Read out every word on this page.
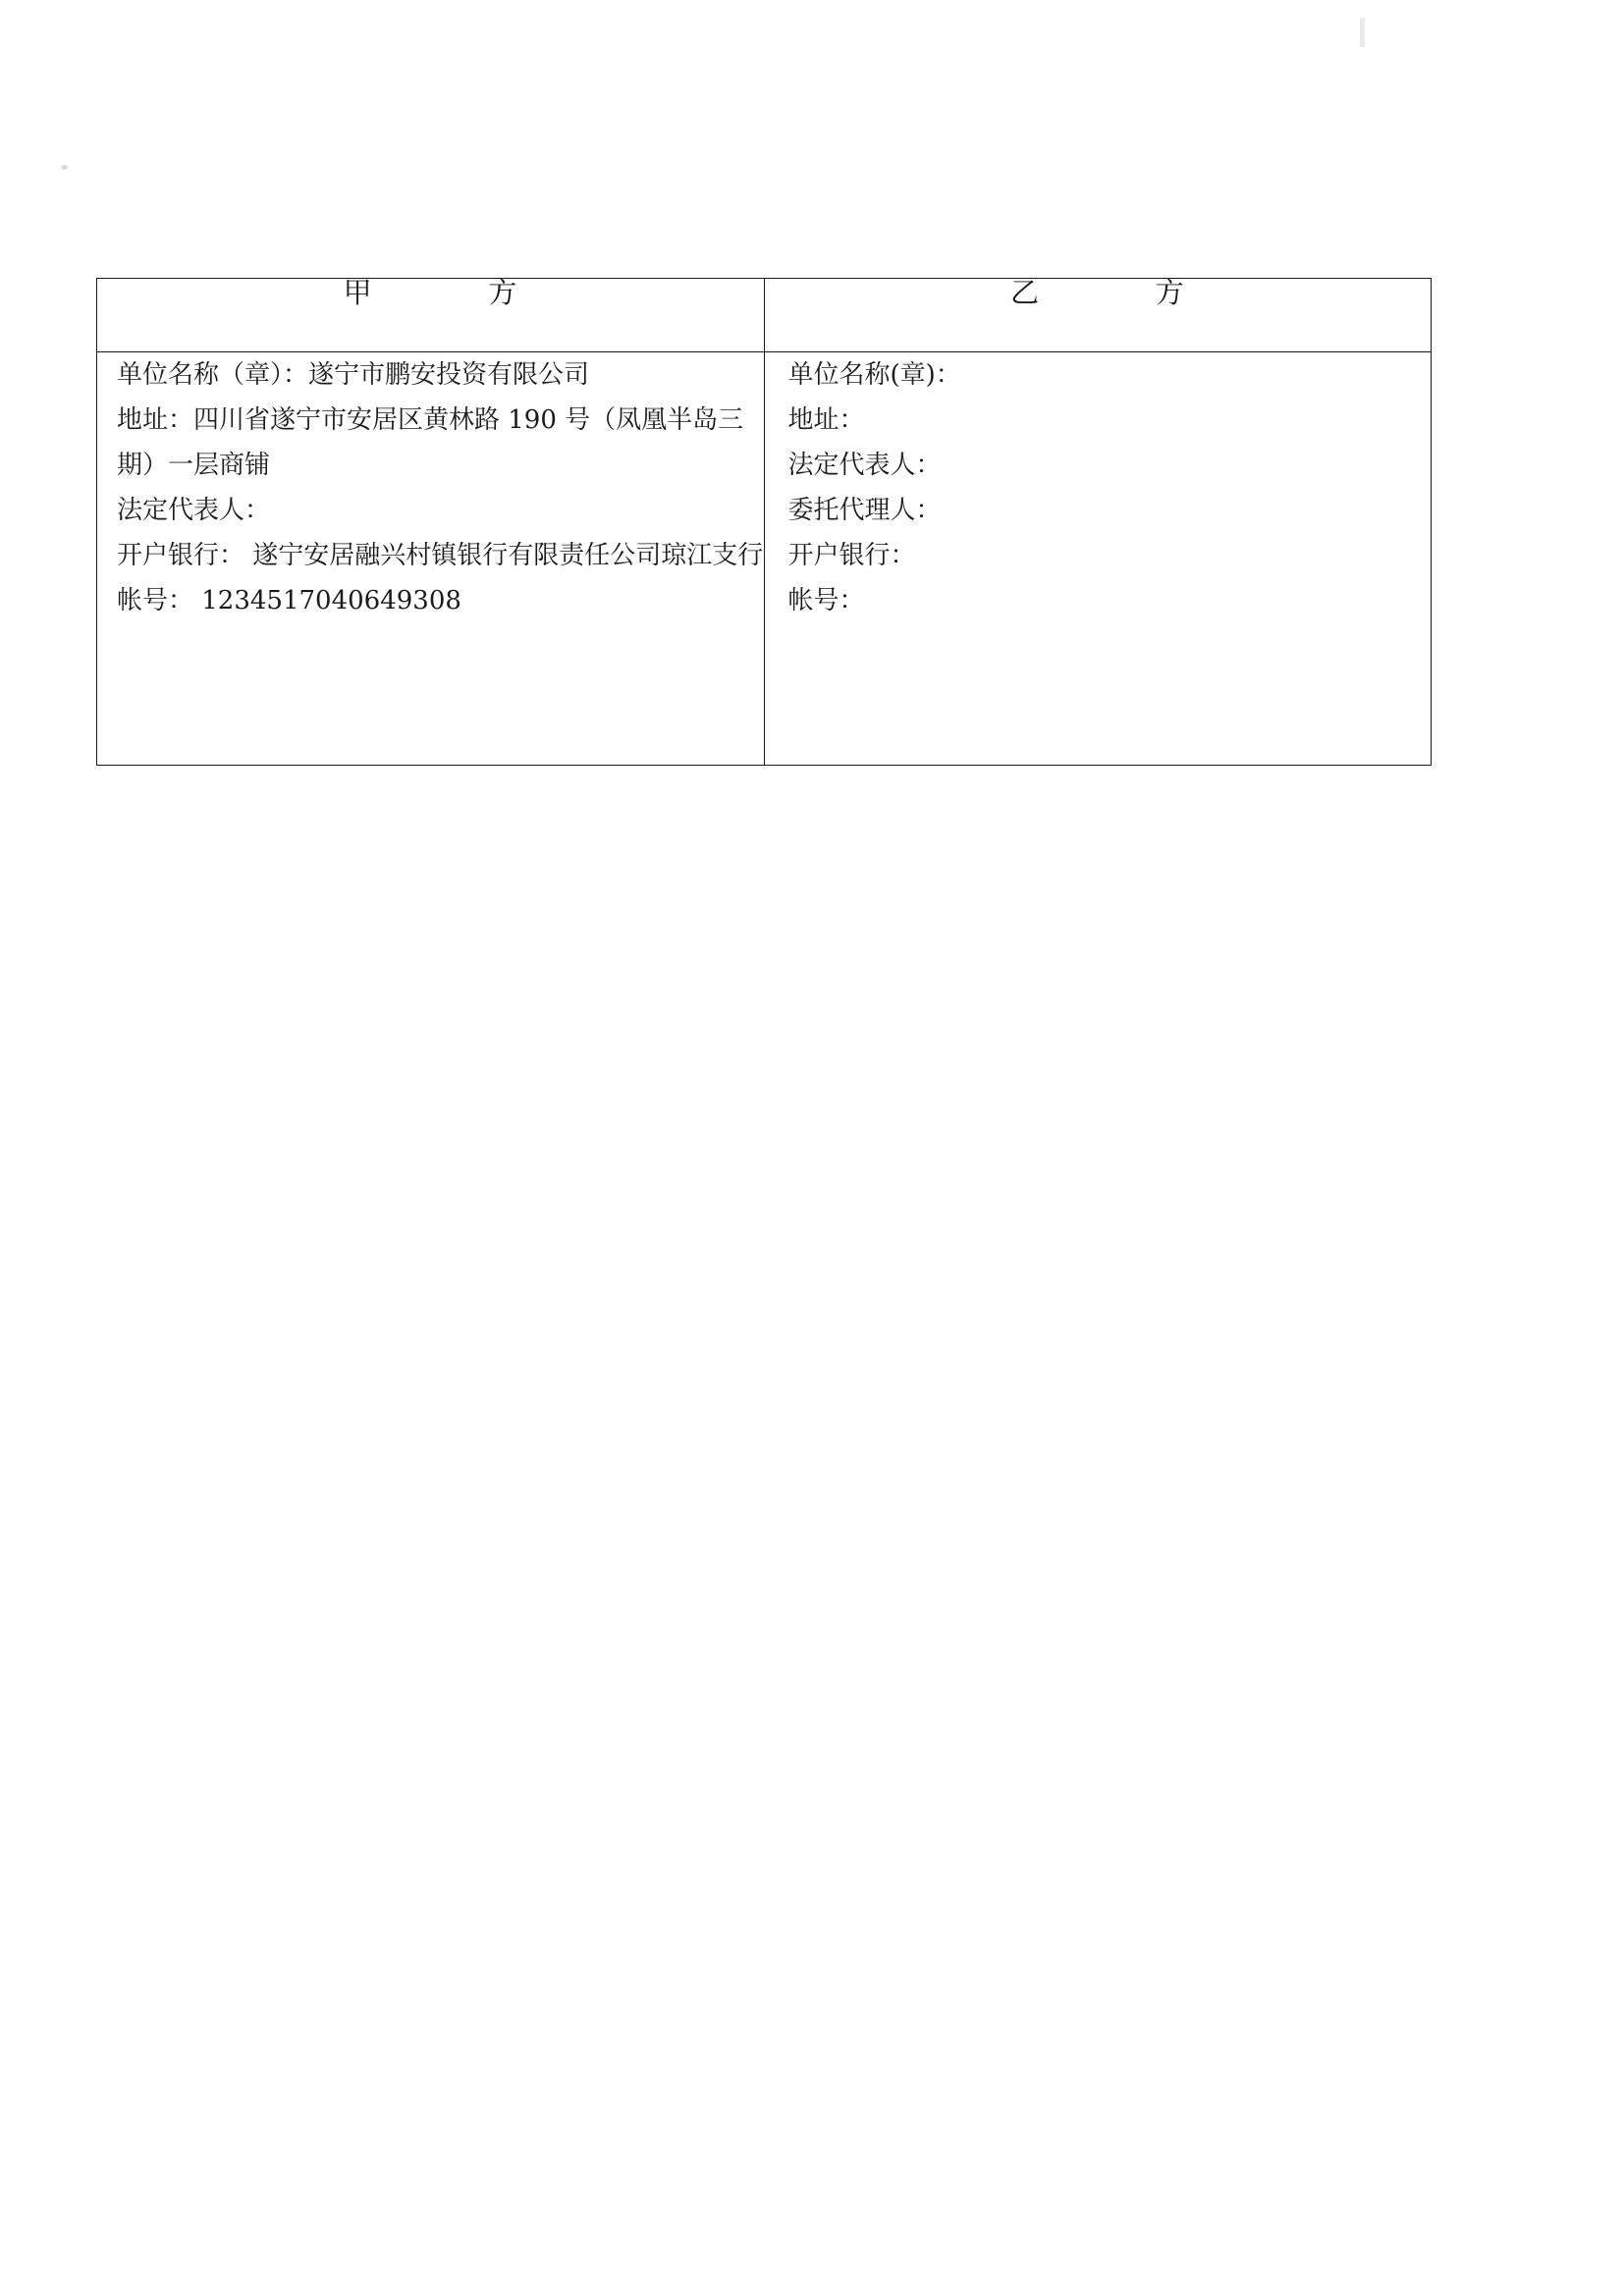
甲 方	乙 方

单位名称（章）：遂宁市鹏安投资有限公司
地址：四川省遂宁市安居区黄林路 190 号（凤凰半岛三期）一层商铺
法定代表人：
开户银行： 遂宁安居融兴村镇银行有限责任公司琼江支行
帐号： 1234517040649308

单位名称(章)：
地址：
法定代表人：
委托代理人：
开户银行：
帐号：
